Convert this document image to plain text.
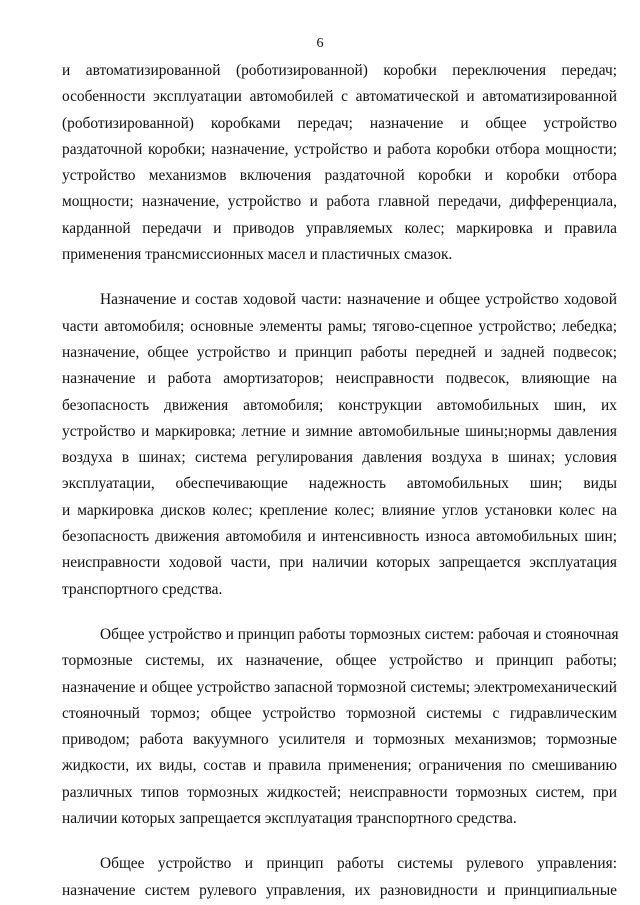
6
и автоматизированной (роботизированной) коробки переключения передач;
особенности эксплуатации автомобилей с автоматической и автоматизированной
(роботизированной) коробками передач; назначение и общее устройство
раздаточной коробки; назначение, устройство и работа коробки отбора мощности;
устройство механизмов включения раздаточной коробки и коробки отбора
мощности; назначение, устройство и работа главной передачи, дифференциала,
карданной передачи и приводов управляемых колес; маркировка и правила
применения трансмиссионных масел и пластичных смазок.
Назначение и состав ходовой части: назначение и общее устройство ходовой
части автомобиля; основные элементы рамы; тягово-сцепное устройство; лебедка;
назначение, общее устройство и принцип работы передней и задней подвесок;
назначение и работа амортизаторов; неисправности подвесок, влияющие на
безопасность движения автомобиля; конструкции автомобильных шин, их
устройство и маркировка; летние и зимние автомобильные шины;нормы давления
воздуха в шинах; система регулирования давления воздуха в шинах; условия
эксплуатации, обеспечивающие надежность автомобильных шин; виды
и маркировка дисков колес; крепление колес; влияние углов установки колес на
безопасность движения автомобиля и интенсивность износа автомобильных шин;
неисправности ходовой части, при наличии которых запрещается эксплуатация
транспортного средства.
Общее устройство и принцип работы тормозных систем: рабочая и стояночная
тормозные системы, их назначение, общее устройство и принцип работы;
назначение и общее устройство запасной тормозной системы; электромеханический
стояночный тормоз; общее устройство тормозной системы с гидравлическим
приводом; работа вакуумного усилителя и тормозных механизмов; тормозные
жидкости, их виды, состав и правила применения; ограничения по смешиванию
различных типов тормозных жидкостей; неисправности тормозных систем, при
наличии которых запрещается эксплуатация транспортного средства.
Общее устройство и принцип работы системы рулевого управления:
назначение систем рулевого управления, их разновидности и принципиальные
